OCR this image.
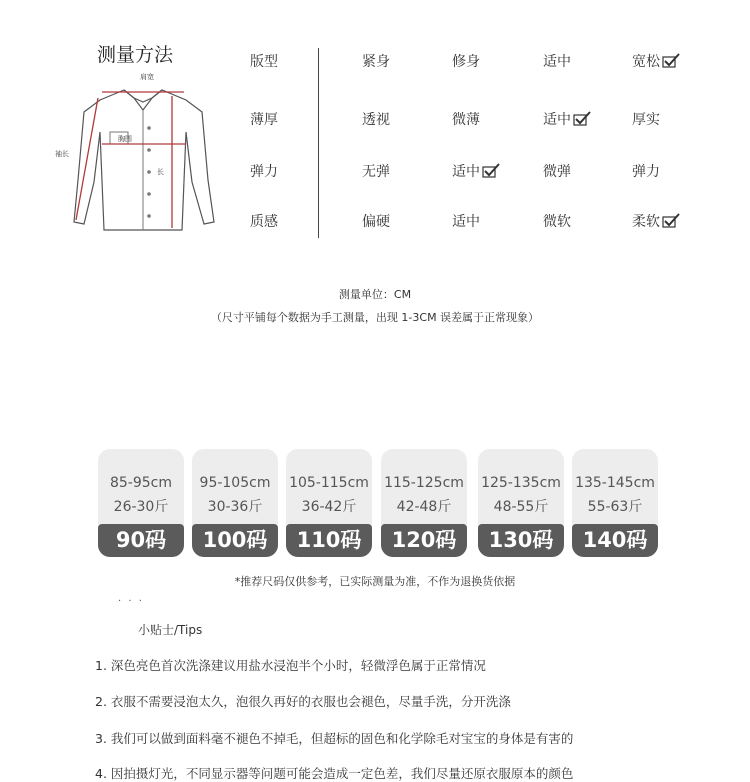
测量方法
肩宽
胸围
长
袖长
版型	紧身	修身	适中	宽松
薄厚	透视	微薄	适中	厚实
弹力	无弹	适中	微弹	弹力
质感	偏硬	适中	微软	柔软
测量单位：CM
（尺寸平铺每个数据为手工测量，出现 1-3CM 误差属于正常现象）
85-95cm
26-30斤
90码
95-105cm
30-36斤
100码
105-115cm
36-42斤
110码
115-125cm
42-48斤
120码
125-135cm
48-55斤
130码
135-145cm
55-63斤
140码
*推荐尺码仅供参考，已实际测量为准，不作为退换货依据
· · ·
小贴士/Tips
1. 深色亮色首次洗涤建议用盐水浸泡半个小时，轻微浮色属于正常情况
2. 衣服不需要浸泡太久，泡很久再好的衣服也会褪色，尽量手洗，分开洗涤
3. 我们可以做到面料毫不褪色不掉毛，但超标的固色和化学除毛对宝宝的身体是有害的
4. 因拍摄灯光，不同显示器等问题可能会造成一定色差，我们尽量还原衣服原本的颜色
